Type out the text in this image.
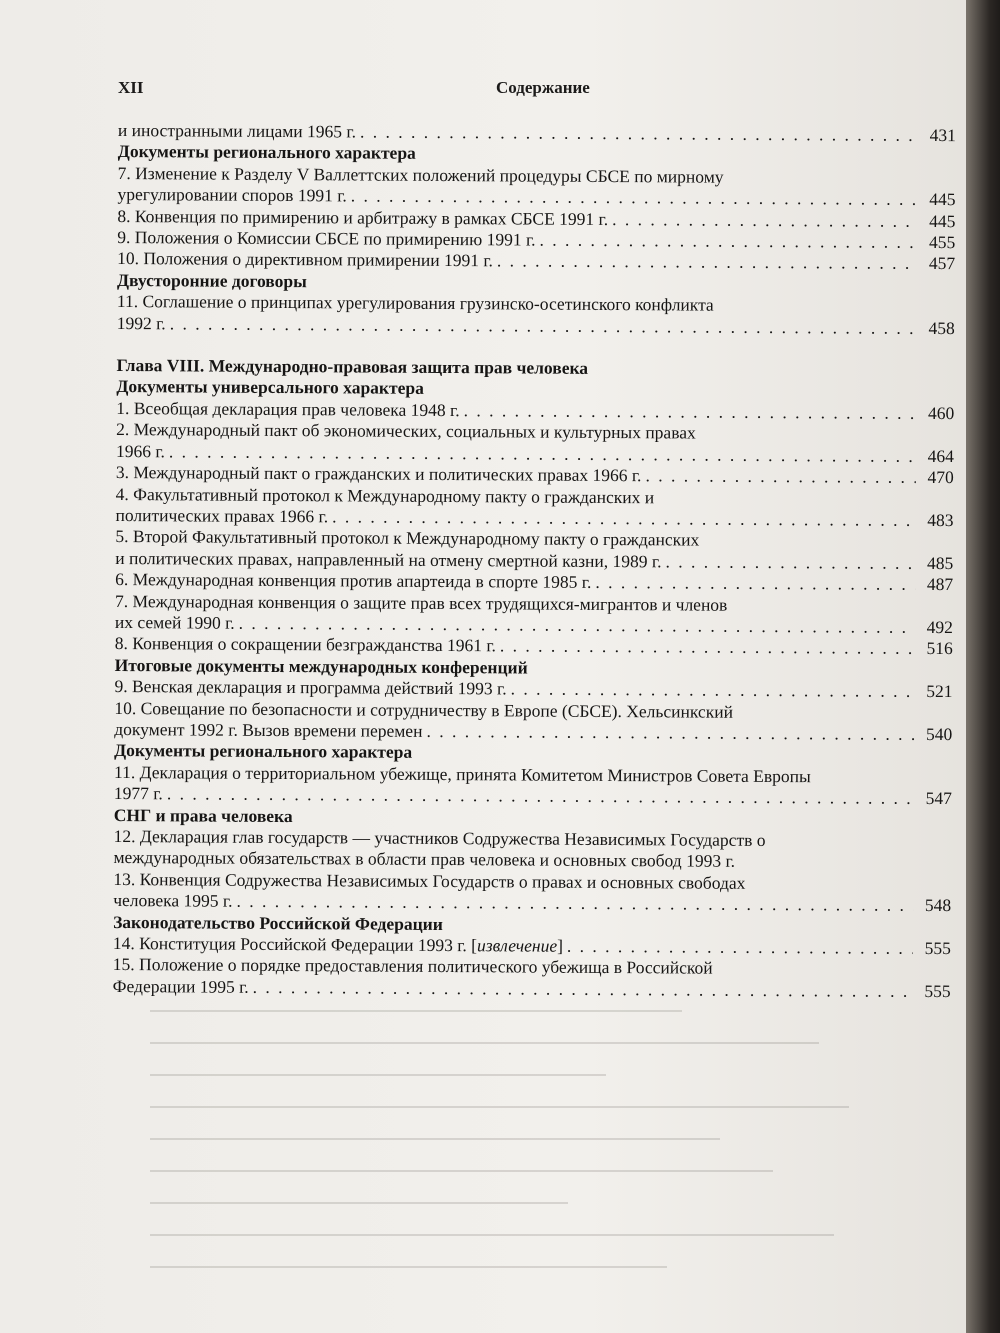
XII	Содержание
и иностранными лицами 1965 г. . . .	431
Документы регионального характера
7. Изменение к Разделу V Валлеттских положений процедуры СБСЕ по мирному
урегулировании споров 1991 г. . . .	445
8. Конвенция по примирению и арбитражу в рамках СБСЕ 1991 г. . . .	445
9. Положения о Комиссии СБСЕ по примирению 1991 г. . . .	455
10. Положения о директивном примирении 1991 г. . . .	457
Двусторонние договоры
11. Соглашение о принципах урегулирования грузинско-осетинского конфликта
1992 г. . . .	458
Глава VIII. Международно-правовая защита прав человека
Документы универсального характера
1. Всеобщая декларация прав человека 1948 г. . . .	460
2. Международный пакт об экономических, социальных и культурных правах
1966 г. . . .	464
3. Международный пакт о гражданских и политических правах 1966 г. . . .	470
4. Факультативный протокол к Международному пакту о гражданских и
политических правах 1966 г. . . .	483
5. Второй Факультативный протокол к Международному пакту о гражданских
и политических правах, направленный на отмену смертной казни, 1989 г. . . .	485
6. Международная конвенция против апартеида в спорте 1985 г. . . .	487
7. Международная конвенция о защите прав всех трудящихся-мигрантов и членов
их семей 1990 г. . . .	492
8. Конвенция о сокращении безгражданства 1961 г. . . .	516
Итоговые документы международных конференций
9. Венская декларация и программа действий 1993 г. . . .	521
10. Совещание по безопасности и сотрудничеству в Европе (СБСЕ). Хельсинкский
документ 1992 г. Вызов времени перемен . . .	540
Документы регионального характера
11. Декларация о территориальном убежище, принята Комитетом Министров Совета Европы
1977 г. . . .	547
СНГ и права человека
12. Декларация глав государств — участников Содружества Независимых Государств о
международных обязательствах в области прав человека и основных свобод 1993 г.
13. Конвенция Содружества Независимых Государств о правах и основных свободах
человека 1995 г. . . .	548
Законодательство Российской Федерации
14. Конституция Российской Федерации 1993 г. [извлечение] . . .	555
15. Положение о порядке предоставления политического убежища в Российской
Федерации 1995 г. . . .	555
